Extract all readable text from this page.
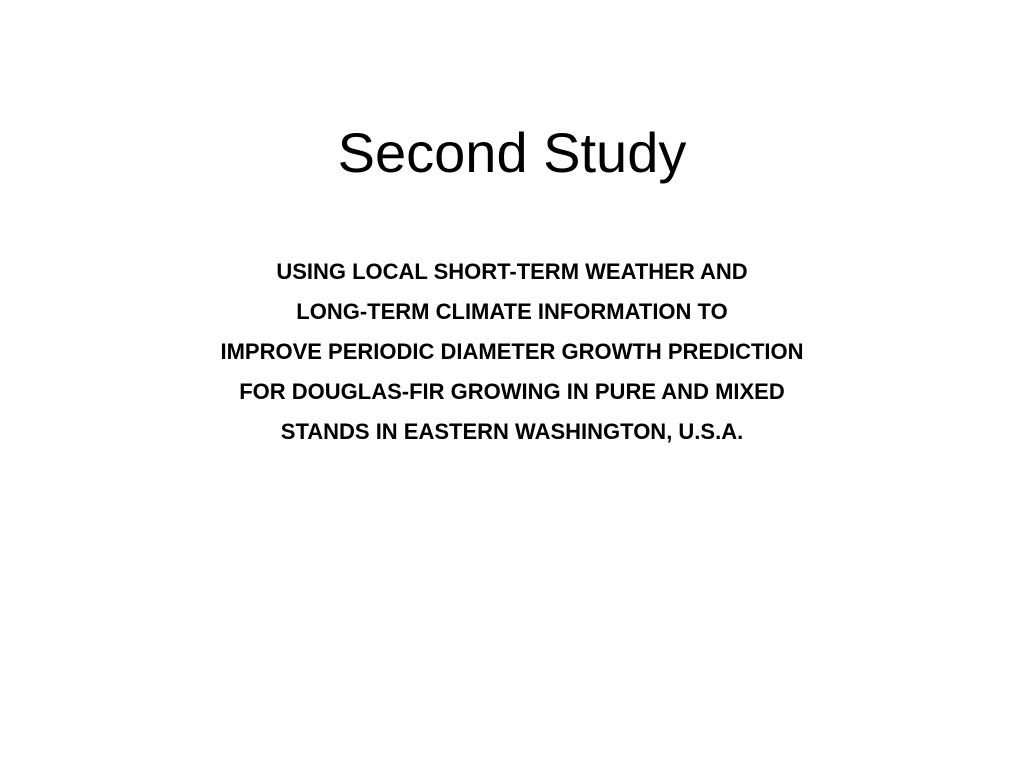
Second Study
USING LOCAL SHORT-TERM WEATHER AND
LONG-TERM CLIMATE INFORMATION TO
IMPROVE PERIODIC DIAMETER GROWTH PREDICTION
FOR DOUGLAS-FIR GROWING IN PURE AND MIXED
STANDS IN EASTERN WASHINGTON, U.S.A.
